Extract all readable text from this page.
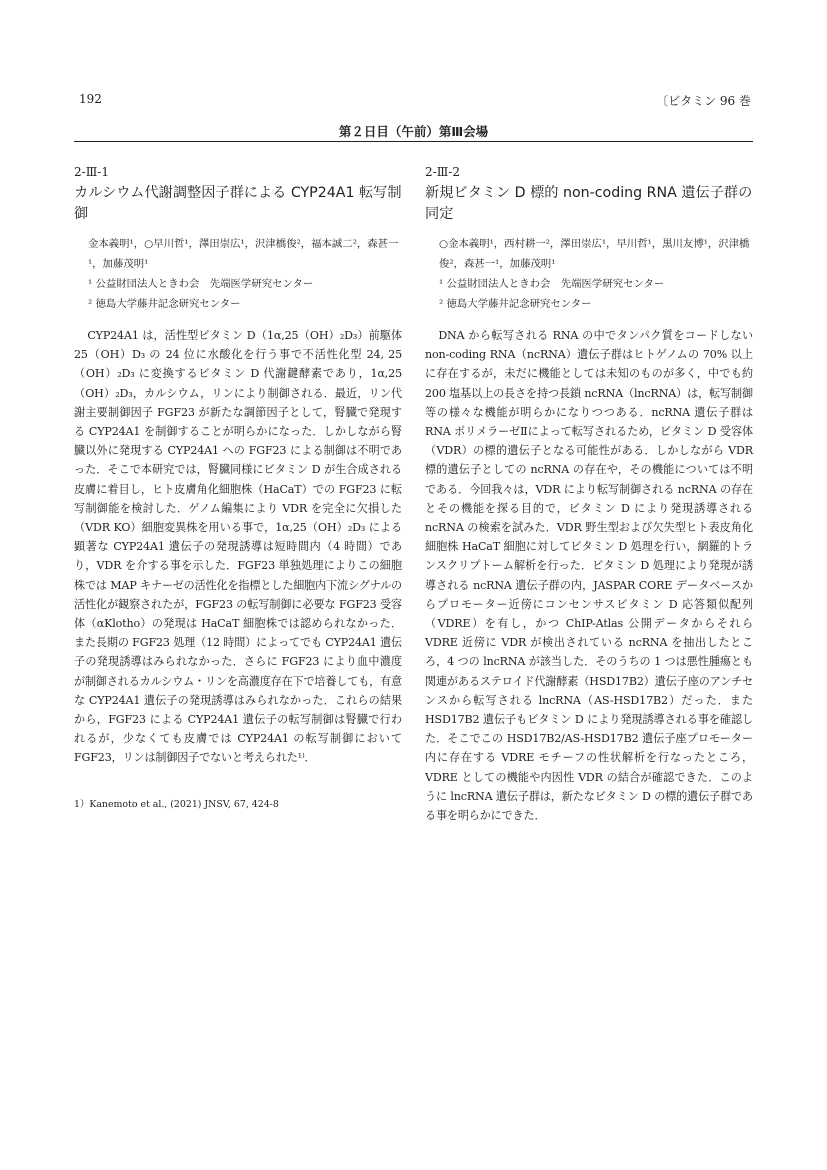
192	〔ビタミン 96 巻
第２日目（午前）第Ⅲ会場
2-Ⅲ-1
カルシウム代謝調整因子群による CYP24A1 転写制御
金本義明¹，○早川哲¹，澤田崇広¹，沢津橋俊²，福本誠二²，森甚一¹，加藤茂明¹
¹ 公益財団法人ときわ会　先端医学研究センター
² 徳島大学藤井記念研究センター

CYP24A1 は，活性型ビタミン D（1α,25（OH）₂D₃）前駆体 25（OH）D₃ の 24 位に水酸化を行う事で不活性化型 24, 25（OH）₂D₃ に変換するビタミン D 代謝鍵酵素であり，1α,25（OH）₂D₃，カルシウム，リンにより制御される．最近，リン代謝主要制御因子 FGF23 が新たな調節因子として，腎臓で発現する CYP24A1 を制御することが明らかになった．しかしながら腎臓以外に発現する CYP24A1 への FGF23 による制御は不明であった．そこで本研究では，腎臓同様にビタミン D が生合成される皮膚に着目し，ヒト皮膚角化細胞株（HaCaT）での FGF23 に転写制御能を検討した．ゲノム編集により VDR を完全に欠損した（VDR KO）細胞変異株を用いる事で，1α,25（OH）₂D₃ による顕著な CYP24A1 遺伝子の発現誘導は短時間内（4 時間）であり，VDR を介する事を示した．FGF23 単独処理によりこの細胞株では MAP キナーゼの活性化を指標とした細胞内下流シグナルの活性化が観察されたが，FGF23 の転写制御に必要な FGF23 受容体（αKlotho）の発現は HaCaT 細胞株では認められなかった．また長期の FGF23 処理（12 時間）によってでも CYP24A1 遺伝子の発現誘導はみられなかった．さらに FGF23 により血中濃度が制御されるカルシウム・リンを高濃度存在下で培養しても，有意な CYP24A1 遺伝子の発現誘導はみられなかった．これらの結果から，FGF23 による CYP24A1 遺伝子の転写制御は腎臓で行われるが，少なくても皮膚では CYP24A1 の転写制御において FGF23，リンは制御因子でないと考えられた¹⁾．

1）Kanemoto et al., (2021) JNSV, 67, 424-8
2-Ⅲ-2
新規ビタミン D 標的 non-coding RNA 遺伝子群の同定
○金本義明¹，西村耕一²，澤田崇広¹，早川哲¹，黒川友博¹，沢津橋俊²，森甚一¹，加藤茂明¹
¹ 公益財団法人ときわ会　先端医学研究センター
² 徳島大学藤井記念研究センター

DNA から転写される RNA の中でタンパク質をコードしない non-coding RNA（ncRNA）遺伝子群はヒトゲノムの 70% 以上に存在するが，未だに機能としては未知のものが多く，中でも約 200 塩基以上の長さを持つ長鎖 ncRNA（lncRNA）は，転写制御等の様々な機能が明らかになりつつある．ncRNA 遺伝子群は RNA ポリメラーゼⅡによって転写されるため，ビタミン D 受容体（VDR）の標的遺伝子となる可能性がある．しかしながら VDR 標的遺伝子としての ncRNA の存在や，その機能については不明である．今回我々は，VDR により転写制御される ncRNA の存在とその機能を探る目的で，ビタミン D により発現誘導される ncRNA の検索を試みた．VDR 野生型および欠失型ヒト表皮角化細胞株 HaCaT 細胞に対してビタミン D 処理を行い，網羅的トランスクリプトーム解析を行った．ビタミン D 処理により発現が誘導される ncRNA 遺伝子群の内，JASPAR CORE データベースからプロモーター近傍にコンセンサスビタミン D 応答類似配列（VDRE）を有し，かつ ChIP-Atlas 公開データからそれら VDRE 近傍に VDR が検出されている ncRNA を抽出したところ，4 つの lncRNA が該当した．そのうちの 1 つは悪性腫瘍とも関連があるステロイド代謝酵素（HSD17B2）遺伝子座のアンチセンスから転写される lncRNA（AS-HSD17B2）だった．また HSD17B2 遺伝子もビタミン D により発現誘導される事を確認した．そこでこの HSD17B2/AS-HSD17B2 遺伝子座プロモーター内に存在する VDRE モチーフの性状解析を行なったところ，VDRE としての機能や内因性 VDR の結合が確認できた．このように lncRNA 遺伝子群は，新たなビタミン D の標的遺伝子群である事を明らかにできた．
